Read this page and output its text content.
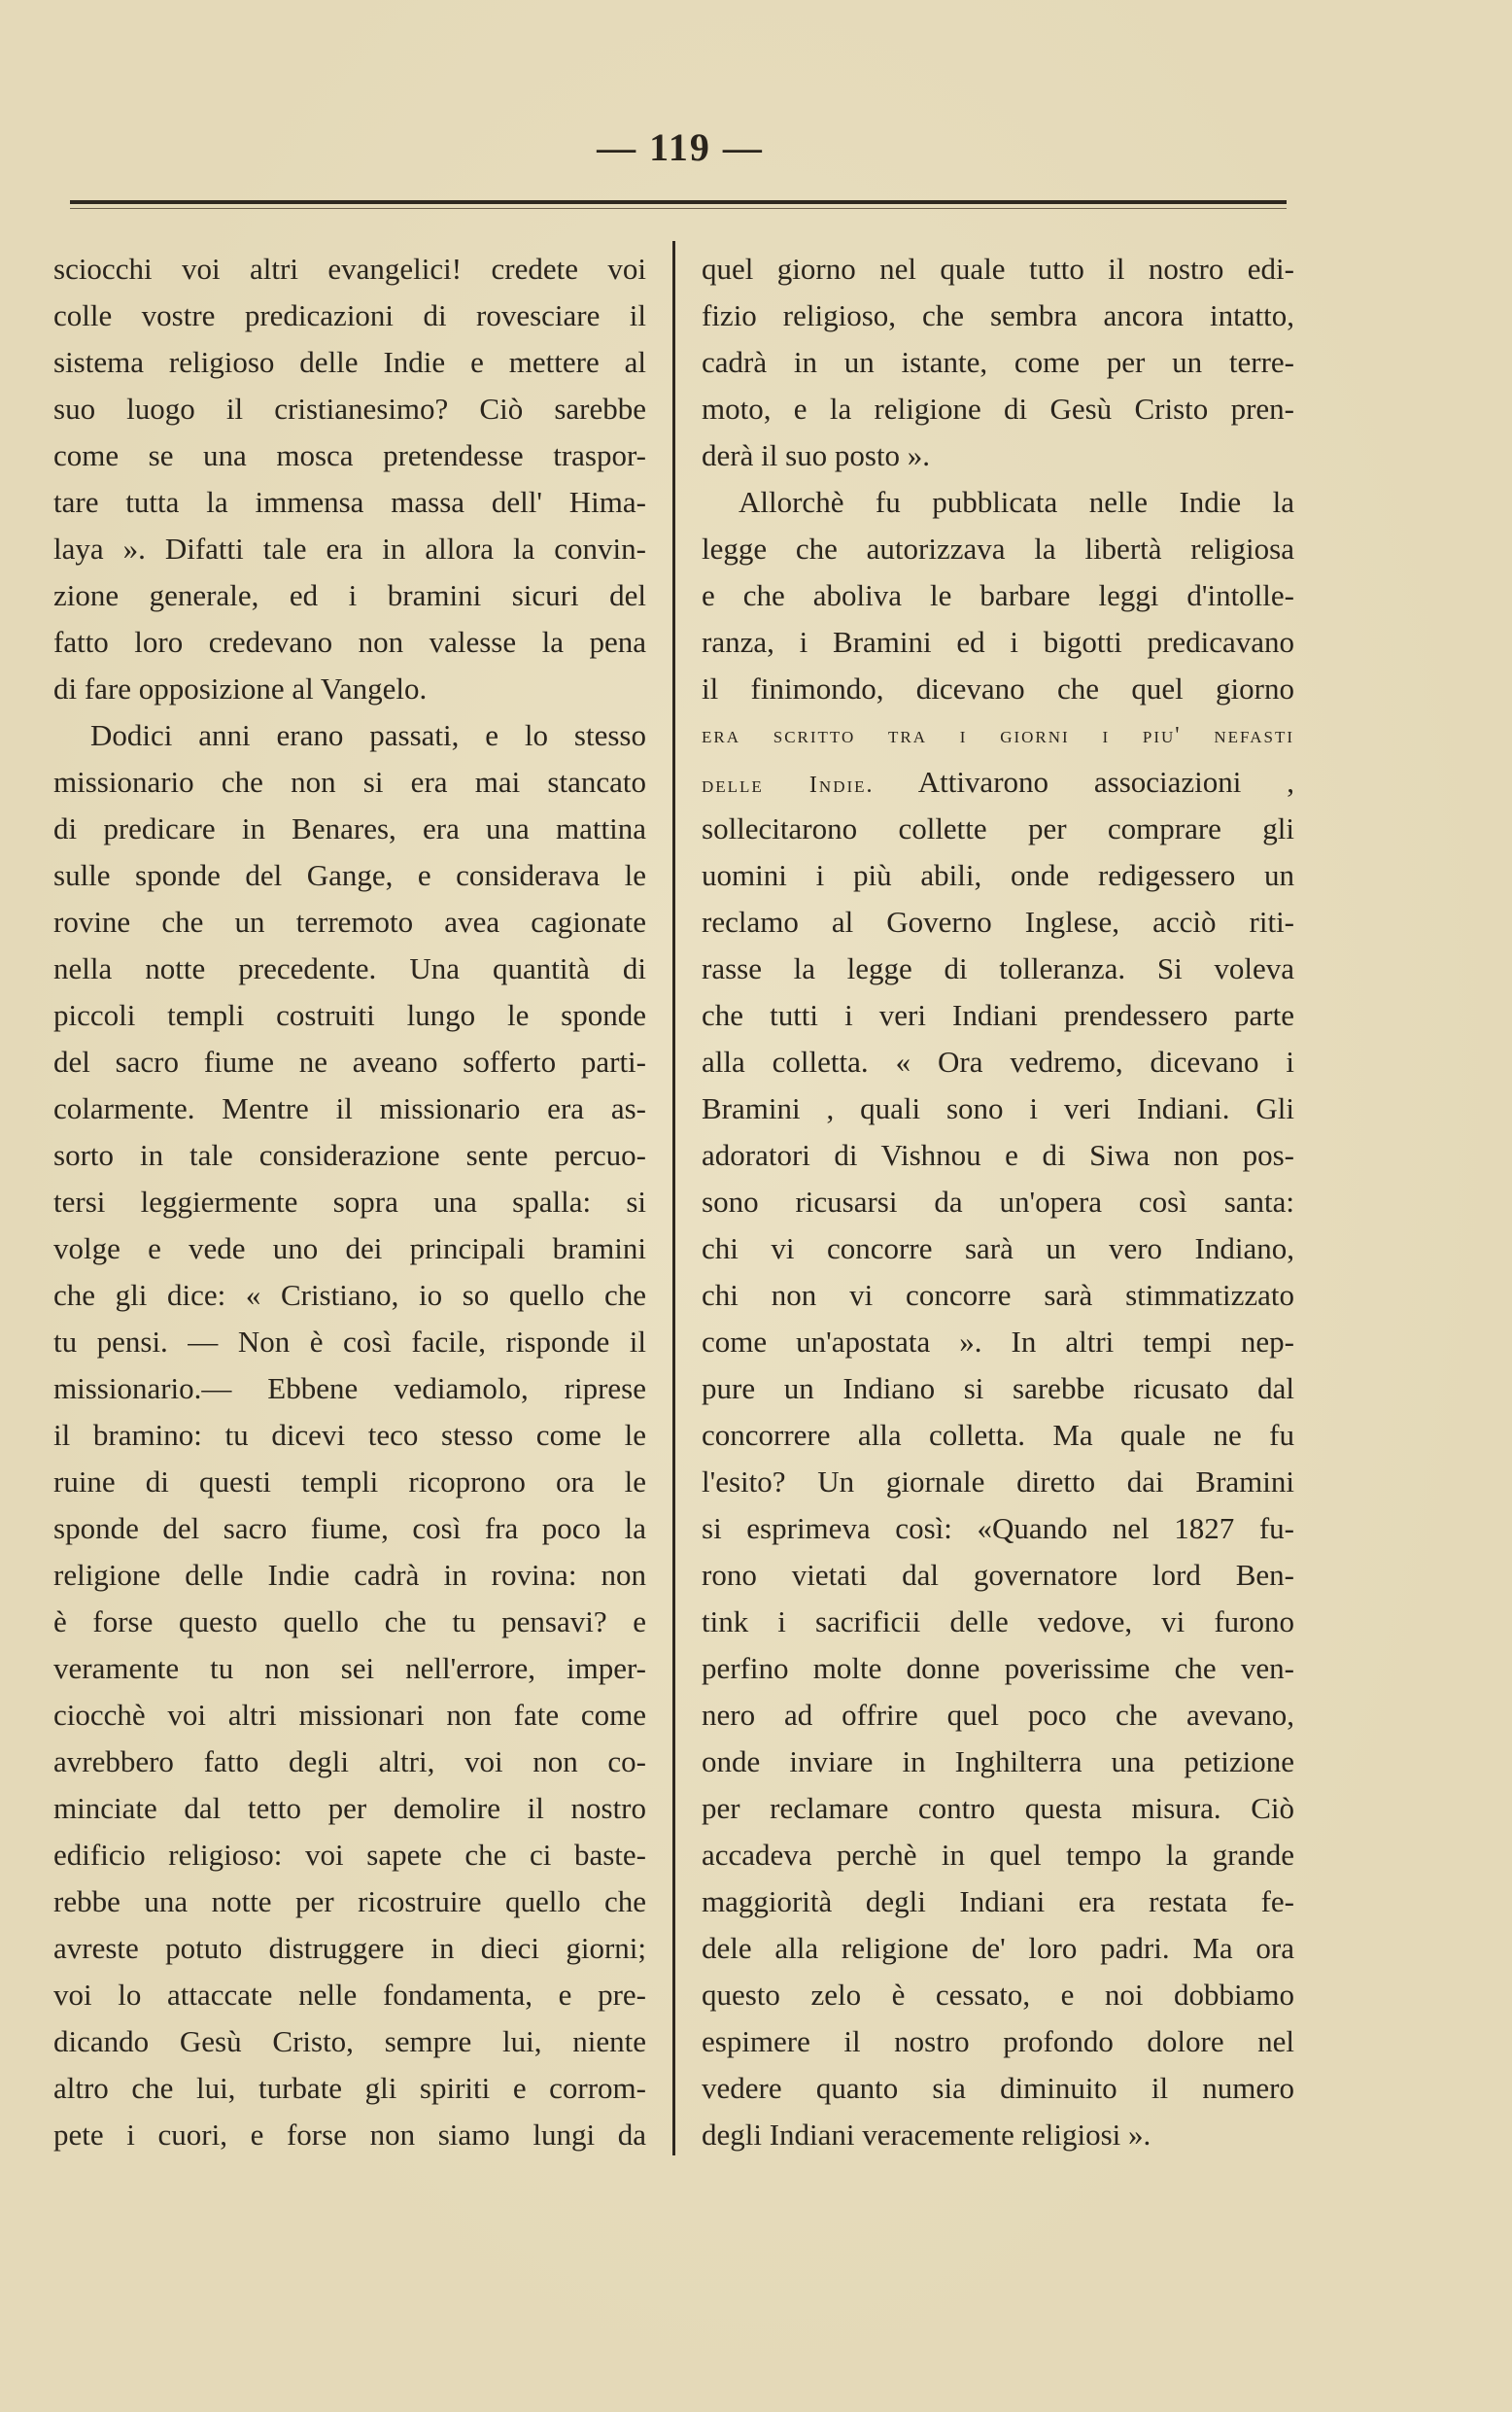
— 119 —
sciocchi voi altri evangelici! credete voi
colle vostre predicazioni di rovesciare il
sistema religioso delle Indie e mettere al
suo luogo il cristianesimo? Ciò sarebbe
come se una mosca pretendesse traspor-
tare tutta la immensa massa dell' Hima-
laya ». Difatti tale era in allora la convin-
zione generale, ed i bramini sicuri del
fatto loro credevano non valesse la pena
di fare opposizione al Vangelo.
Dodici anni erano passati, e lo stesso
missionario che non si era mai stancato
di predicare in Benares, era una mattina
sulle sponde del Gange, e considerava le
rovine che un terremoto avea cagionate
nella notte precedente. Una quantità di
piccoli templi costruiti lungo le sponde
del sacro fiume ne aveano sofferto parti-
colarmente. Mentre il missionario era as-
sorto in tale considerazione sente percuo-
tersi leggiermente sopra una spalla: si
volge e vede uno dei principali bramini
che gli dice: « Cristiano, io so quello che
tu pensi. — Non è così facile, risponde il
missionario.— Ebbene vediamolo, riprese
il bramino: tu dicevi teco stesso come le
ruine di questi templi ricoprono ora le
sponde del sacro fiume, così fra poco la
religione delle Indie cadrà in rovina: non
è forse questo quello che tu pensavi? e
veramente tu non sei nell'errore, imper-
ciocchè voi altri missionari non fate come
avrebbero fatto degli altri, voi non co-
minciate dal tetto per demolire il nostro
edificio religioso: voi sapete che ci baste-
rebbe una notte per ricostruire quello che
avreste potuto distruggere in dieci giorni;
voi lo attaccate nelle fondamenta, e pre-
dicando Gesù Cristo, sempre lui, niente
altro che lui, turbate gli spiriti e corrom-
pete i cuori, e forse non siamo lungi da
quel giorno nel quale tutto il nostro edi-
fizio religioso, che sembra ancora intatto,
cadrà in un istante, come per un terre-
moto, e la religione di Gesù Cristo pren-
derà il suo posto ».
Allorchè fu pubblicata nelle Indie la
legge che autorizzava la libertà religiosa
e che aboliva le barbare leggi d'intolle-
ranza, i Bramini ed i bigotti predicavano
il finimondo, dicevano che quel giorno
era scritto tra i giorni i piu' nefasti
delle Indie. Attivarono associazioni ,
sollecitarono collette per comprare gli
uomini i più abili, onde redigessero un
reclamo al Governo Inglese, acciò riti-
rasse la legge di tolleranza. Si voleva
che tutti i veri Indiani prendessero parte
alla colletta. « Ora vedremo, dicevano i
Bramini , quali sono i veri Indiani. Gli
adoratori di Vishnou e di Siwa non pos-
sono ricusarsi da un'opera così santa:
chi vi concorre sarà un vero Indiano,
chi non vi concorre sarà stimmatizzato
come un'apostata ». In altri tempi nep-
pure un Indiano si sarebbe ricusato dal
concorrere alla colletta. Ma quale ne fu
l'esito? Un giornale diretto dai Bramini
si esprimeva così: «Quando nel 1827 fu-
rono vietati dal governatore lord Ben-
tink i sacrificii delle vedove, vi furono
perfino molte donne poverissime che ven-
nero ad offrire quel poco che avevano,
onde inviare in Inghilterra una petizione
per reclamare contro questa misura. Ciò
accadeva perchè in quel tempo la grande
maggiorità degli Indiani era restata fe-
dele alla religione de' loro padri. Ma ora
questo zelo è cessato, e noi dobbiamo
espimere il nostro profondo dolore nel
vedere quanto sia diminuito il numero
degli Indiani veracemente religiosi ».
